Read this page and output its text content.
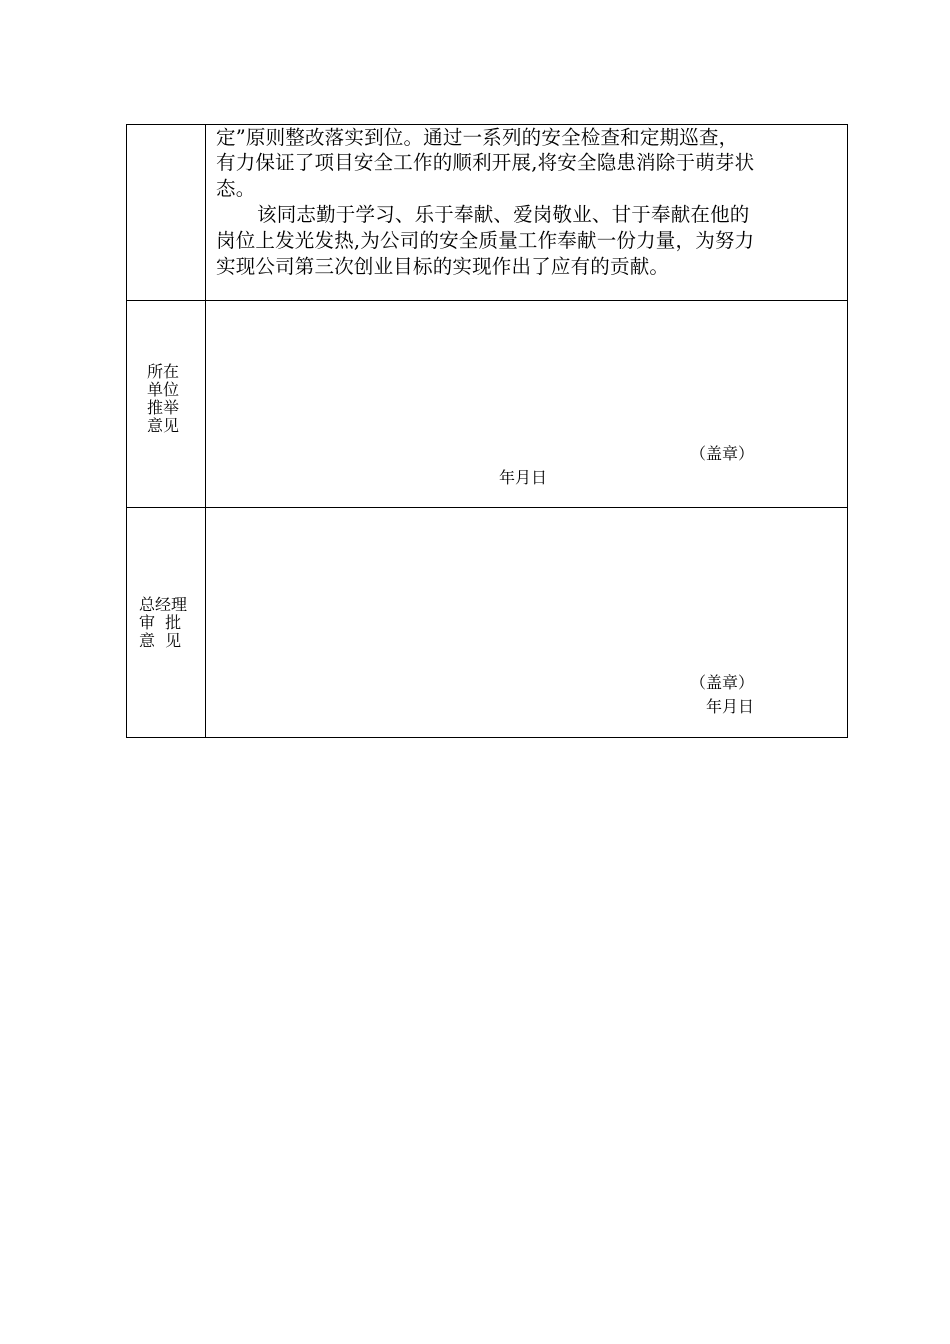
定”原则整改落实到位。通过一系列的安全检查和定期巡查，
有力保证了项目安全工作的顺利开展,将安全隐患消除于萌芽状
态。
该同志勤于学习、乐于奉献、爱岗敬业、甘于奉献在他的
岗位上发光发热,为公司的安全质量工作奉献一份力量，为努力
实现公司第三次创业目标的实现作出了应有的贡献。
所在
单位
推举
意见
（盖章）
年月日
总经理
审  批
意  见
（盖章）
年月日
